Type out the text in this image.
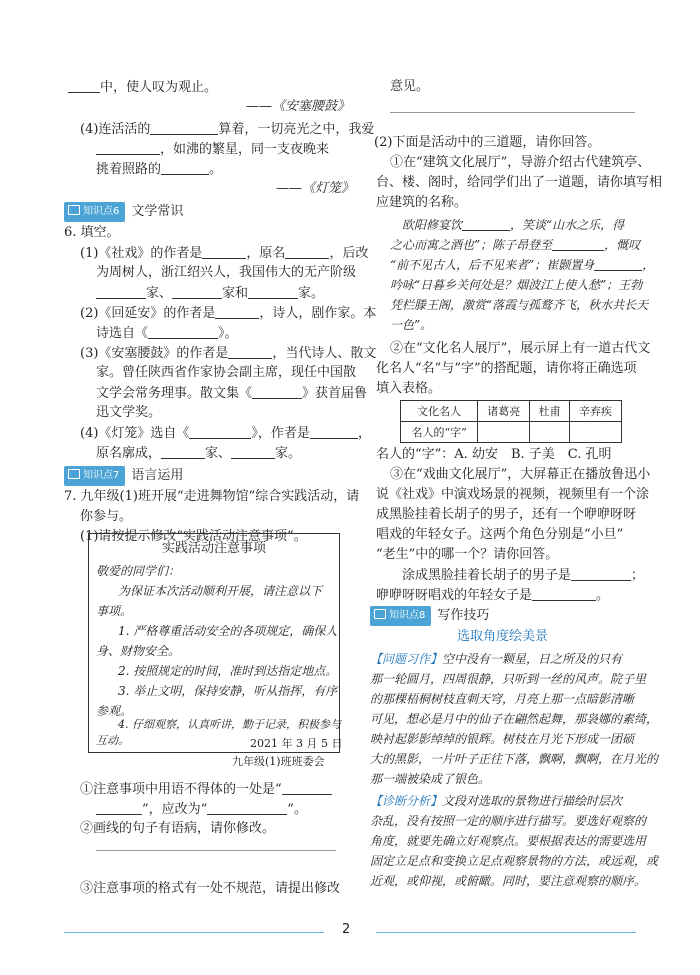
中，使人叹为观止。
——《安塞腰鼓》
(4)连活活的	算着，一切亮光之中，我爱
，如沸的繁星，同一支夜晚来
挑着照路的	。
——《灯笼》
知识点6 文学常识
6. 填空。
(1)《社戏》的作者是	，原名	，后改
为周树人，浙江绍兴人，我国伟大的无产阶级
家、	家和	家。
(2)《回延安》的作者是	，诗人，剧作家。本
诗选自《	》。
(3)《安塞腰鼓》的作者是	，当代诗人、散文
家。曾任陕西省作家协会副主席，现任中国散
文学会常务理事。散文集《	》获首届鲁
迅文学奖。
(4)《灯笼》选自《	》，作者是	，
原名廓成，	家、	家。
知识点7 语言运用
7. 九年级(1)班开展“走进舞物馆”综合实践活动，请
你参与。
(1)请按提示修改“实践活动注意事项”。
实践活动注意事项
敬爱的同学们：
为保证本次活动顺利开展，请注意以下
事项。
1. 严格尊重活动安全的各项规定，确保人
身、财物安全。
2. 按照规定的时间，准时到达指定地点。
3. 举止文明，保持安静，听从指挥，有序
参观。
4. 仔细观察，认真听讲，勤于记录，积极参与
互动。	2021 年 3 月 5 日
九年级(1)班班委会
①注意事项中用语不得体的一处是“
”，应改为“	”。
②画线的句子有语病，请你修改。
③注意事项的格式有一处不规范，请提出修改
意见。
(2)下面是活动中的三道题，请你回答。
①在“建筑文化展厅”，导游介绍古代建筑亭、
台、楼、阁时，给同学们出了一道题，请你填写相
应建筑的名称。
欧阳修宴饮	，笑谈“山水之乐，得
之心而寓之酒也”；陈子昂登至	，慨叹
“前不见古人，后不见来者”；崔颢置身	，
吟咏“日暮乡关何处是？烟波江上使人愁”；王勃
凭栏滕王阁，激赏“落霞与孤鹜齐飞，秋水共长天
一色”。
②在“文化名人展厅”，展示屏上有一道古代文
化名人“名”与“字”的搭配题，请你将正确选项
填入表格。
文化名人	诸葛亮	杜甫	辛弃疾
名人的“字”			
名人的“字”：A. 幼安　B. 子美　C. 孔明
③在“戏曲文化展厅”，大屏幕正在播放鲁迅小
说《社戏》中演戏场景的视频，视频里有一个涂
成黑脸挂着长胡子的男子，还有一个咿咿呀呀
唱戏的年轻女子。这两个角色分别是“小旦”
“老生”中的哪一个？请你回答。
涂成黑脸挂着长胡子的男子是	；
咿咿呀呀唱戏的年轻女子是	。
知识点8 写作技巧
选取角度绘美景
【问题习作】空中没有一颗星，日之所及的只有
那一轮圆月，四周很静，只听到一丝的风声。院子里
的那棵梧桐树枝直刺天穹，月亮上那一点暗影清晰
可见，想必是月中的仙子在翩然起舞，那袅娜的素绮，
映衬起影影绰绰的银辉。树枝在月光下形成一团硕
大的黑影，一片叶子正往下落，飘啊，飘啊，在月光的
那一端被染成了银色。
【诊断分析】文段对选取的景物进行描绘时层次
杂乱，没有按照一定的顺序进行描写。要选好观察的
角度，就要先确立好观察点。要根据表达的需要选用
固定立足点和变换立足点观察景物的方法，或远观，或
近观，或仰视，或俯瞰。同时，要注意观察的顺序。
2
